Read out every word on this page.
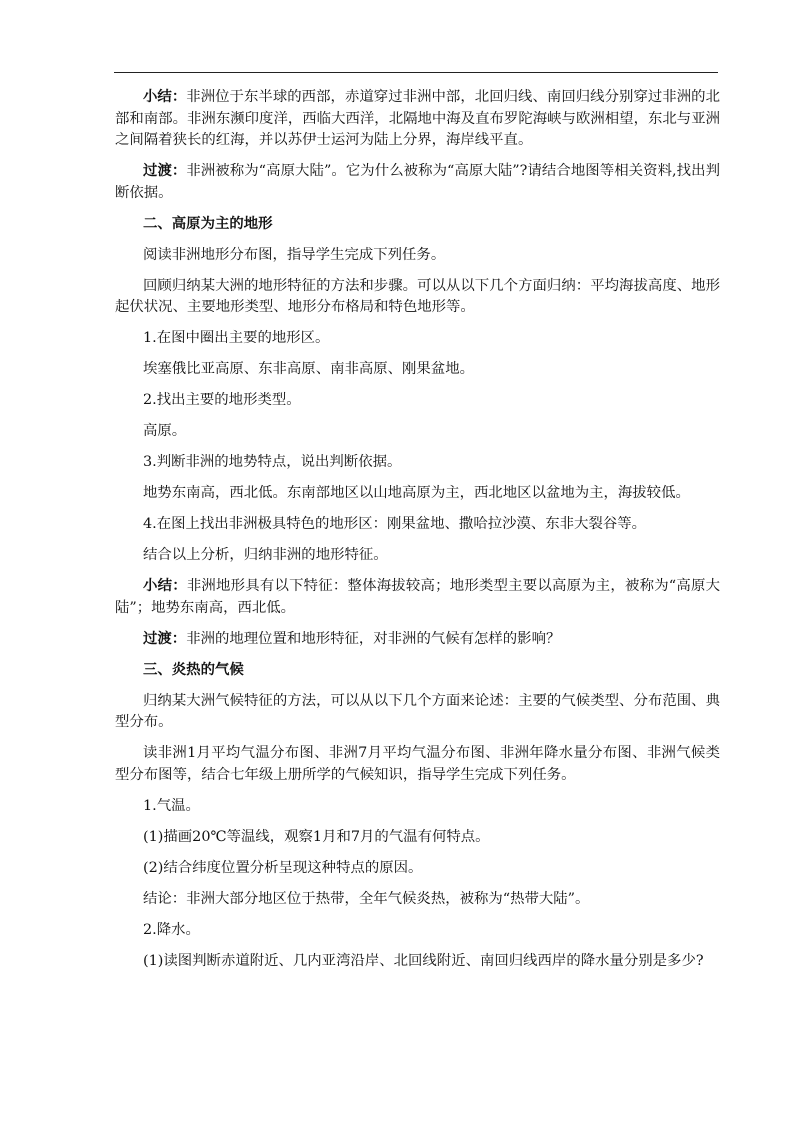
小结：非洲位于东半球的西部，赤道穿过非洲中部，北回归线、南回归线分别穿过非洲的北部和南部。非洲东濒印度洋，西临大西洋，北隔地中海及直布罗陀海峡与欧洲相望，东北与亚洲之间隔着狭长的红海，并以苏伊士运河为陆上分界，海岸线平直。

过渡：非洲被称为“高原大陆”。它为什么被称为“高原大陆”?请结合地图等相关资料,找出判断依据。

二、高原为主的地形

阅读非洲地形分布图，指导学生完成下列任务。

回顾归纳某大洲的地形特征的方法和步骤。可以从以下几个方面归纳：平均海拔高度、地形起伏状况、主要地形类型、地形分布格局和特色地形等。

1.在图中圈出主要的地形区。

埃塞俄比亚高原、东非高原、南非高原、刚果盆地。

2.找出主要的地形类型。

高原。

3.判断非洲的地势特点，说出判断依据。

地势东南高，西北低。东南部地区以山地高原为主，西北地区以盆地为主，海拔较低。

4.在图上找出非洲极具特色的地形区：刚果盆地、撒哈拉沙漠、东非大裂谷等。

结合以上分析，归纳非洲的地形特征。

小结：非洲地形具有以下特征：整体海拔较高；地形类型主要以高原为主，被称为“高原大陆”；地势东南高，西北低。

过渡：非洲的地理位置和地形特征，对非洲的气候有怎样的影响？

三、炎热的气候

归纳某大洲气候特征的方法，可以从以下几个方面来论述：主要的气候类型、分布范围、典型分布。

读非洲1月平均气温分布图、非洲7月平均气温分布图、非洲年降水量分布图、非洲气候类型分布图等，结合七年级上册所学的气候知识，指导学生完成下列任务。

1.气温。

(1)描画20℃等温线，观察1月和7月的气温有何特点。

(2)结合纬度位置分析呈现这种特点的原因。

结论：非洲大部分地区位于热带，全年气候炎热，被称为“热带大陆”。

2.降水。

(1)读图判断赤道附近、几内亚湾沿岸、北回线附近、南回归线西岸的降水量分别是多少?
